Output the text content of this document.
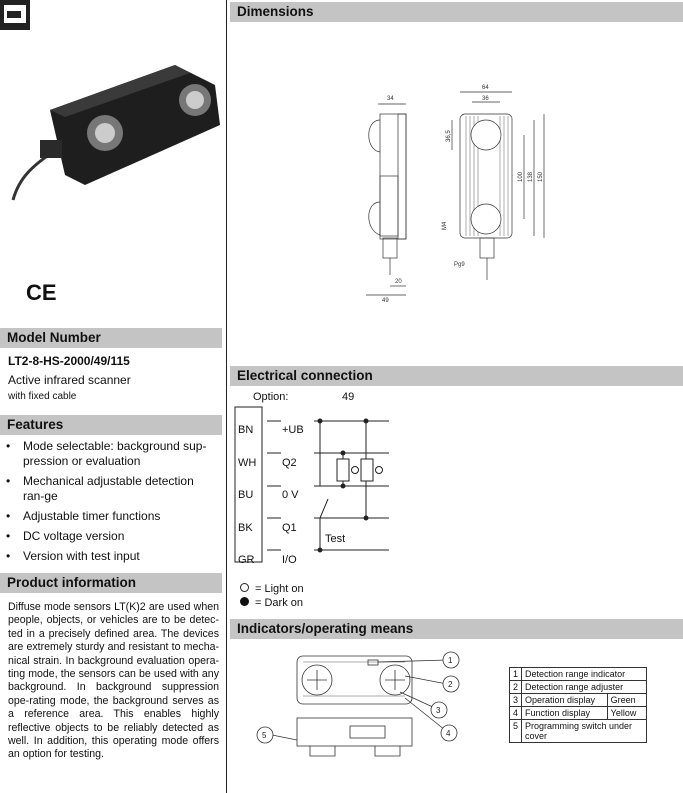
CE
Model Number
LT2-8-HS-2000/49/115
Active infrared scanner
with fixed cable
Features
• Mode selectable: background sup-pression or evaluation
• Mechanical adjustable detection ran-ge
• Adjustable timer functions
• DC voltage version
• Version with test input
Product information
Diffuse mode sensors LT(K)2 are used when people, objects, or vehicles are to be detec-ted in a precisely defined area. The devices are extremely sturdy and resistant to mecha-nical strain. In background evaluation opera-ting mode, the sensors can be used with any background. In background suppression ope-rating mode, the background serves as a reference area. This enables highly reflective objects to be reliably detected as well. In addition, this operating mode offers an option for testing.
Dimensions
34
20
49
64
36
36,5
100 138 150
M4
Pg9
Electrical connection
Option:	49
BN
WH
BU
BK
GR
+UB
Q2
0 V
Q1
I/O
Test
= Light on
= Dark on
Indicators/operating means
1
2
3
4
5
1	Detection range indicator	
2	Detection range adjuster	
3	Operation display	Green
4	Function display	Yellow
5	Programming switch under cover	
